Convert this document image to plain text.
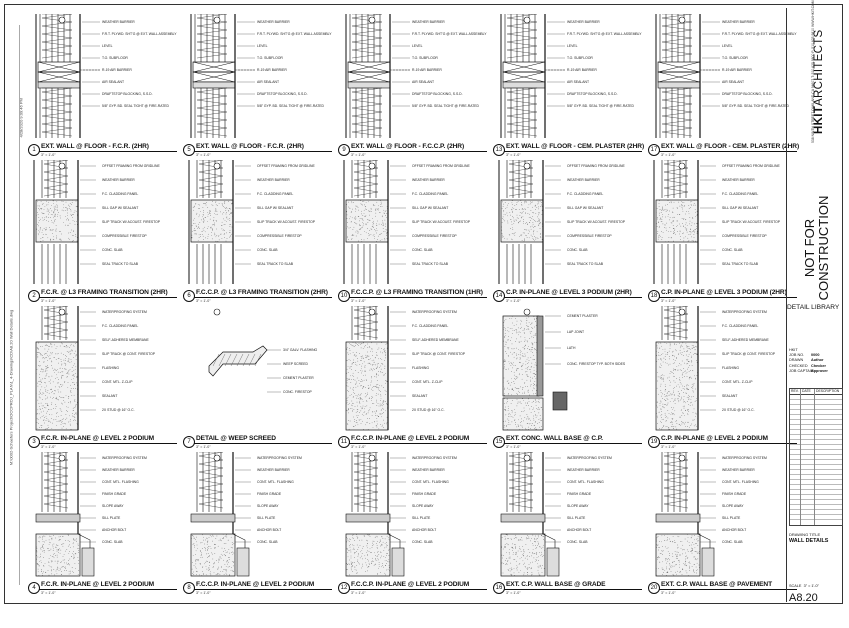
M:\0002-Schaefers Project\OCCPROJ_PLAN\1_4-Drawings\CD\A8.20 Wall Details.dwg
4/28/2020 9:09:46 PM
WEATHER BARRIER
F.R.T. PLYWD. SHT'G @ EXT. WALL ASSEMBLY
LEVEL
T.O. SUBFLOOR
R-19 AIR BARRIER
AIR SEALANT
DRAFTSTOP BLOCKING, S.S.D.
5/8" GYP. BD. SEAL TIGHT @ FIRE-RATED
1 EXT. WALL @ FLOOR - F.C.R. (2HR)
3" = 1'-0"
WEATHER BARRIER
F.R.T. PLYWD. SHT'G @ EXT. WALL ASSEMBLY
LEVEL
T.O. SUBFLOOR
R-19 AIR BARRIER
AIR SEALANT
DRAFTSTOP BLOCKING, S.S.D.
5/8" GYP. BD. SEAL TIGHT @ FIRE-RATED
5 EXT. WALL @ FLOOR - F.C.R. (2HR)
3" = 1'-0"
WEATHER BARRIER
F.R.T. PLYWD. SHT'G @ EXT. WALL ASSEMBLY
LEVEL
T.O. SUBFLOOR
R-19 AIR BARRIER
AIR SEALANT
DRAFTSTOP BLOCKING, S.S.D.
5/8" GYP. BD. SEAL TIGHT @ FIRE-RATED
9 EXT. WALL @ FLOOR - F.C.C.P. (2HR)
3" = 1'-0"
WEATHER BARRIER
F.R.T. PLYWD. SHT'G @ EXT. WALL ASSEMBLY
LEVEL
T.O. SUBFLOOR
R-19 AIR BARRIER
AIR SEALANT
DRAFTSTOP BLOCKING, S.S.D.
5/8" GYP. BD. SEAL TIGHT @ FIRE-RATED
13 EXT. WALL @ FLOOR - CEM. PLASTER (2HR)
3" = 1'-0"
WEATHER BARRIER
F.R.T. PLYWD. SHT'G @ EXT. WALL ASSEMBLY
LEVEL
T.O. SUBFLOOR
R-19 AIR BARRIER
AIR SEALANT
DRAFTSTOP BLOCKING, S.S.D.
5/8" GYP. BD. SEAL TIGHT @ FIRE-RATED
17 EXT. WALL @ FLOOR - CEM. PLASTER (2HR)
3" = 1'-0"
OFFSET FRAMING FROM GRIDLINE
WEATHER BARRIER
F.C. CLADDING PANEL
SILL GAP W/ SEALANT
SLIP TRACK W/ ACOUST. FIRESTOP
COMPRESSIBLE FIRESTOP
CONC. SLAB
SEAL TRACK TO SLAB
2 F.C.R. @ L3 FRAMING TRANSITION (2HR)
3" = 1'-0"
OFFSET FRAMING FROM GRIDLINE
WEATHER BARRIER
F.C. CLADDING PANEL
SILL GAP W/ SEALANT
SLIP TRACK W/ ACOUST. FIRESTOP
COMPRESSIBLE FIRESTOP
CONC. SLAB
SEAL TRACK TO SLAB
6 F.C.C.P. @ L3 FRAMING TRANSITION (2HR)
3" = 1'-0"
OFFSET FRAMING FROM GRIDLINE
WEATHER BARRIER
F.C. CLADDING PANEL
SILL GAP W/ SEALANT
SLIP TRACK W/ ACOUST. FIRESTOP
COMPRESSIBLE FIRESTOP
CONC. SLAB
SEAL TRACK TO SLAB
10 F.C.C.P. @ L3 FRAMING TRANSITION (1HR)
3" = 1'-0"
OFFSET FRAMING FROM GRIDLINE
WEATHER BARRIER
F.C. CLADDING PANEL
SILL GAP W/ SEALANT
SLIP TRACK W/ ACOUST. FIRESTOP
COMPRESSIBLE FIRESTOP
CONC. SLAB
SEAL TRACK TO SLAB
14 C.P. IN-PLANE @ LEVEL 3 PODIUM (2HR)
3" = 1'-0"
OFFSET FRAMING FROM GRIDLINE
WEATHER BARRIER
F.C. CLADDING PANEL
SILL GAP W/ SEALANT
SLIP TRACK W/ ACOUST. FIRESTOP
COMPRESSIBLE FIRESTOP
CONC. SLAB
SEAL TRACK TO SLAB
18 C.P. IN-PLANE @ LEVEL 3 PODIUM (2HR)
3" = 1'-0"
WATERPROOFING SYSTEM
F.C. CLADDING PANEL
SELF-ADHERED MEMBRANE
SLIP TRACK @ CONT. FIRESTOP
FLASHING
CONT. MTL. Z-CLIP
SEALANT
2X STUD @ 16" O.C.
3 F.C.R. IN-PLANE @ LEVEL 2 PODIUM
3" = 1'-0"
3/4" GALV. FLASHING
WEEP SCREED
CEMENT PLASTER
CONC. FIRESTOP
7 DETAIL @ WEEP SCREED
3" = 1'-0"
WATERPROOFING SYSTEM
F.C. CLADDING PANEL
SELF-ADHERED MEMBRANE
SLIP TRACK @ CONT. FIRESTOP
FLASHING
CONT. MTL. Z-CLIP
SEALANT
2X STUD @ 16" O.C.
11 F.C.C.P. IN-PLANE @ LEVEL 2 PODIUM
3" = 1'-0"
CEMENT PLASTER
LAP JOINT
LATH
CONC. FIRESTOP TYP. BOTH SIDES
15 EXT. CONC. WALL BASE @ C.P.
3" = 1'-0"
WATERPROOFING SYSTEM
F.C. CLADDING PANEL
SELF-ADHERED MEMBRANE
SLIP TRACK @ CONT. FIRESTOP
FLASHING
CONT. MTL. Z-CLIP
SEALANT
2X STUD @ 16" O.C.
19 C.P. IN-PLANE @ LEVEL 2 PODIUM
3" = 1'-0"
WATERPROOFING SYSTEM
WEATHER BARRIER
CONT. MTL. FLASHING
FINISH GRADE
SLOPE AWAY
SILL PLATE
ANCHOR BOLT
CONC. SLAB
4 F.C.R. IN-PLANE @ LEVEL 2 PODIUM
3" = 1'-0"
WATERPROOFING SYSTEM
WEATHER BARRIER
CONT. MTL. FLASHING
FINISH GRADE
SLOPE AWAY
SILL PLATE
ANCHOR BOLT
CONC. SLAB
8 F.C.C.P. IN-PLANE @ LEVEL 2 PODIUM
3" = 1'-0"
WATERPROOFING SYSTEM
WEATHER BARRIER
CONT. MTL. FLASHING
FINISH GRADE
SLOPE AWAY
SILL PLATE
ANCHOR BOLT
CONC. SLAB
12 F.C.C.P. IN-PLANE @ LEVEL 2 PODIUM
3" = 1'-0"
WATERPROOFING SYSTEM
WEATHER BARRIER
CONT. MTL. FLASHING
FINISH GRADE
SLOPE AWAY
SILL PLATE
ANCHOR BOLT
CONC. SLAB
16 EXT. C.P. WALL BASE @ GRADE
3" = 1'-0"
WATERPROOFING SYSTEM
WEATHER BARRIER
CONT. MTL. FLASHING
FINISH GRADE
SLOPE AWAY
SILL PLATE
ANCHOR BOLT
CONC. SLAB
20 EXT. C.P. WALL BASE @ PAVEMENT
3" = 1'-0"
HKITARCHITECTS
538 NINTH STREET OAKLAND CA 94607 T: 510.625.9800 F: 510.625.9810 WWW.HKIT.COM
NOT FOR CONSTRUCTION
DETAIL LIBRARY
HKIT
JOB NO. 0000
DRAWN Author
CHECKED Checker
JOB CAPTAINApprover
REV. DATE DESCRIPTION
DRAWING TITLE
WALL DETAILS
SCALE 3" = 1'-0"
A8.20
